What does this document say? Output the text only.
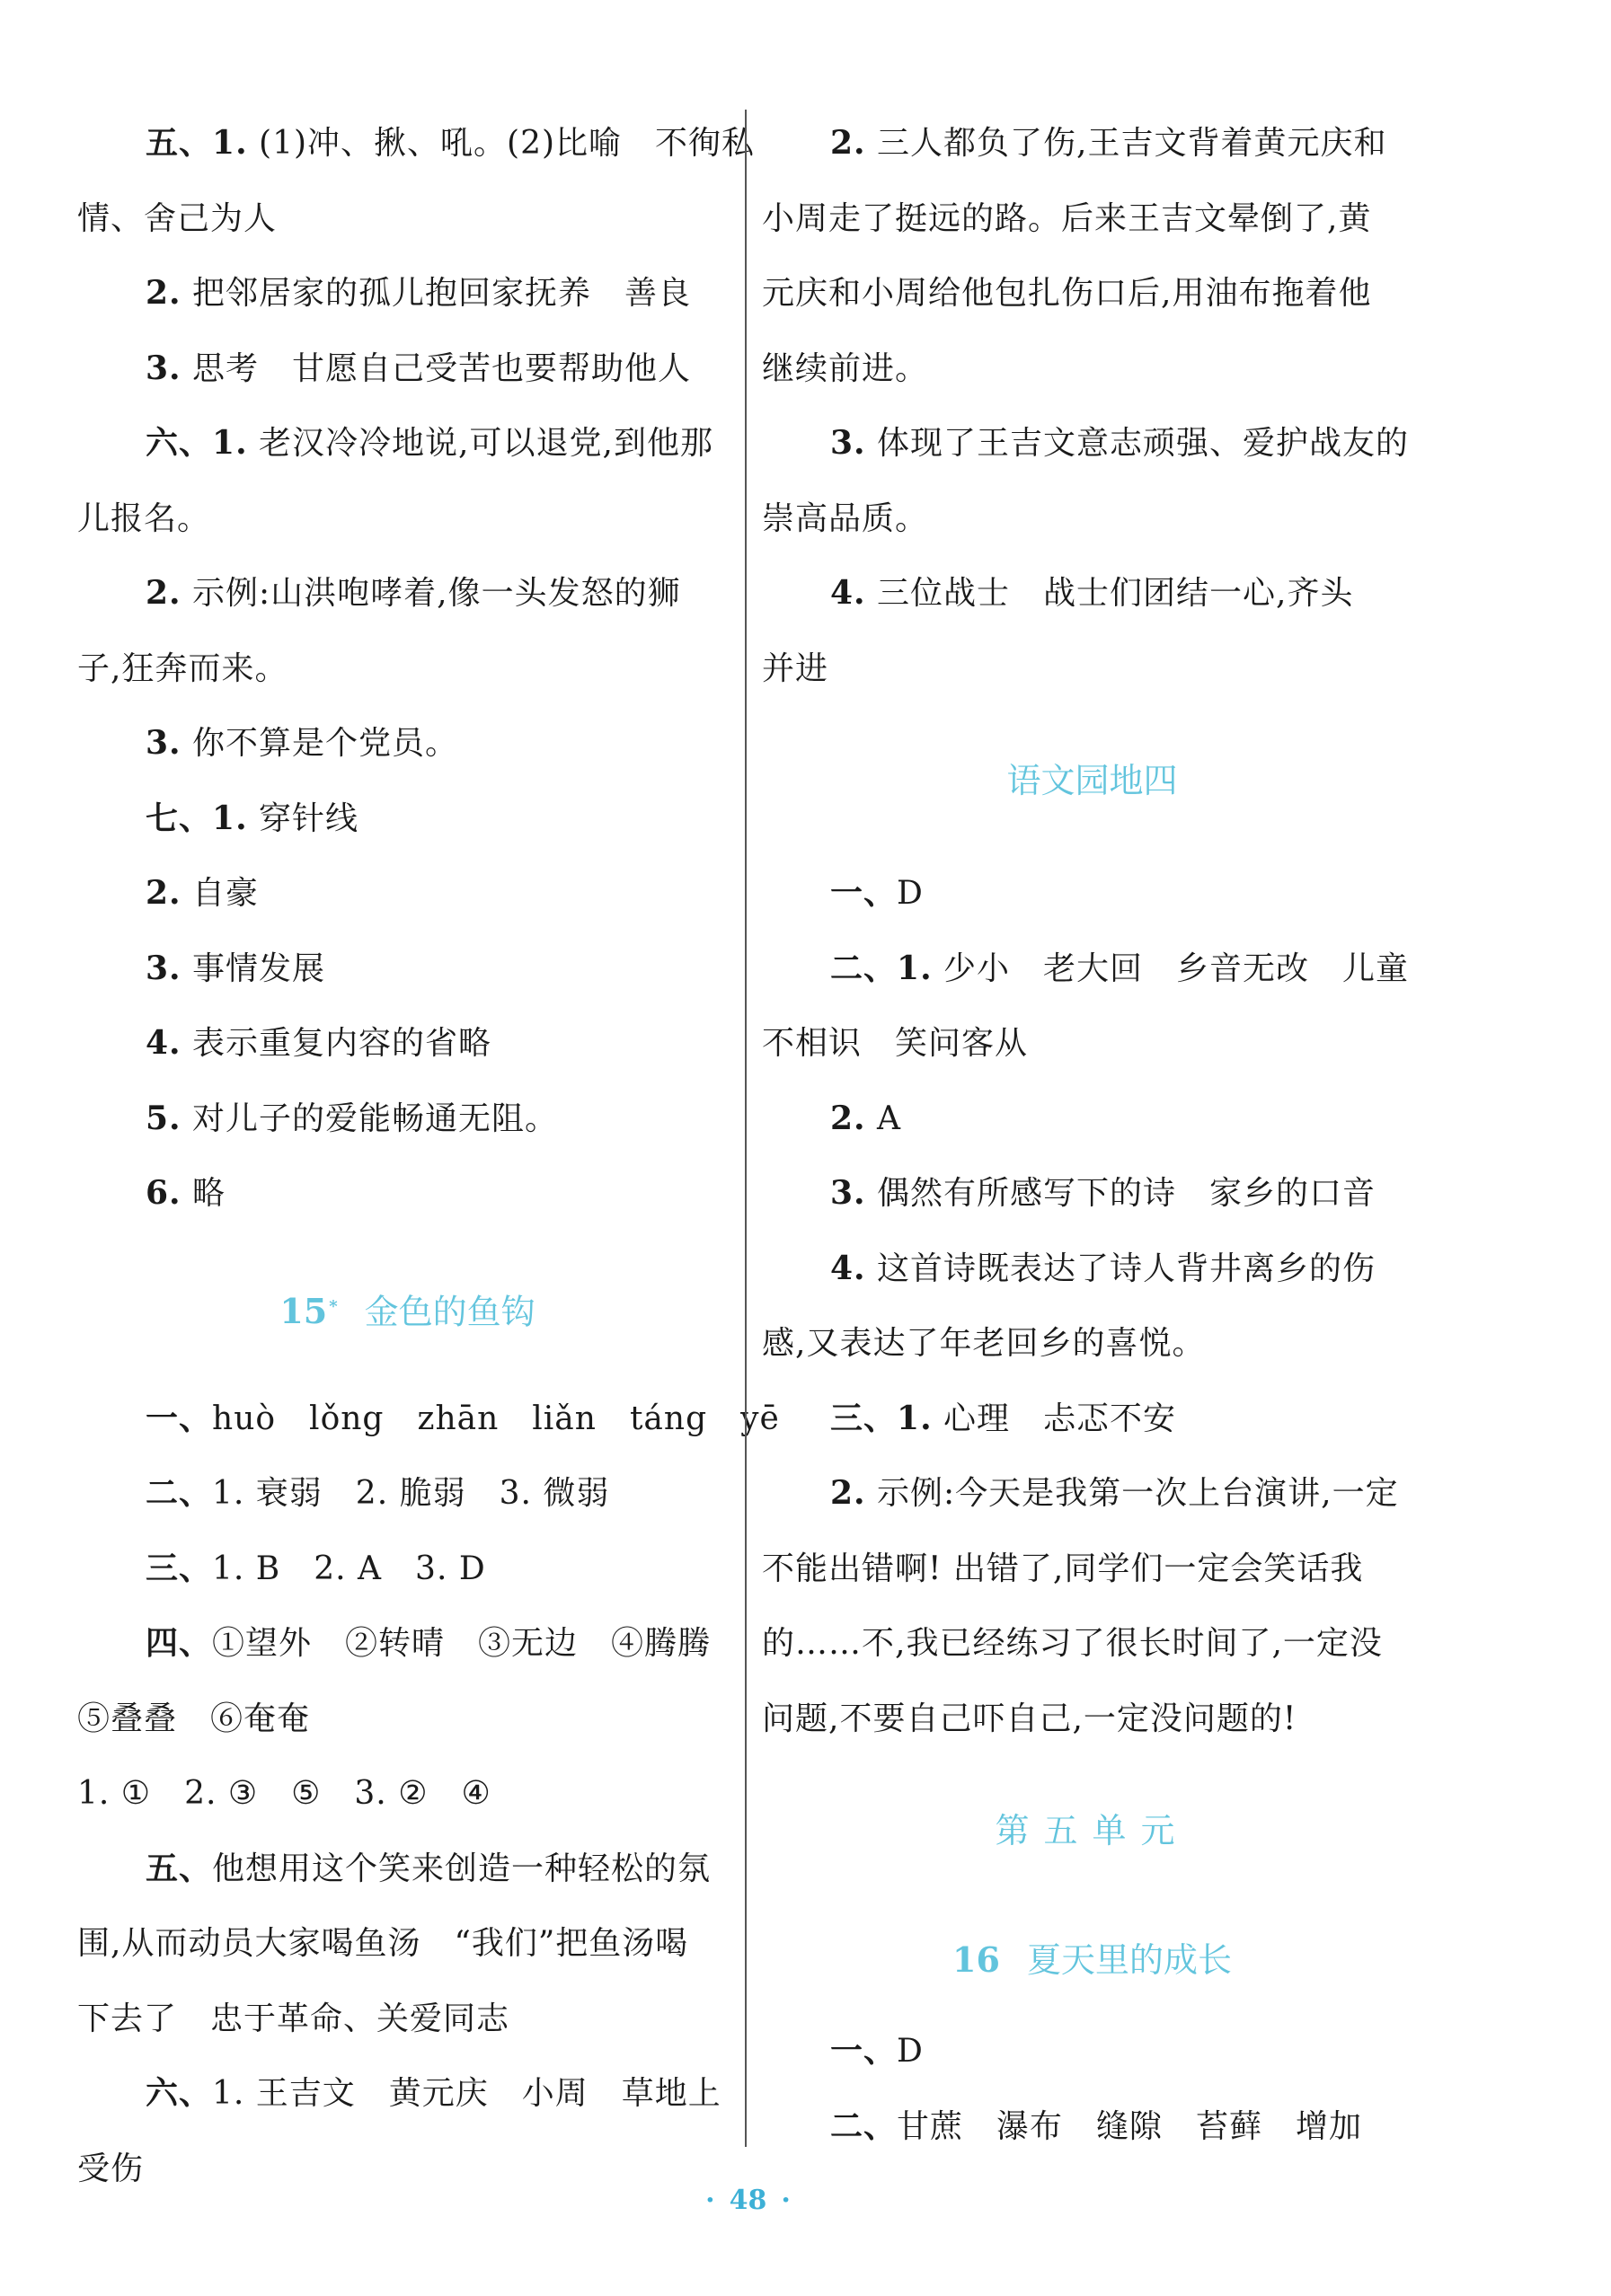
五、1. (1)冲、揪、吼。(2)比喻　不徇私
情、舍己为人
2. 把邻居家的孤儿抱回家抚养　善良
3. 思考　甘愿自己受苦也要帮助他人
六、1. 老汉冷冷地说,可以退党,到他那
儿报名。
2. 示例:山洪咆哮着,像一头发怒的狮
子,狂奔而来。
3. 你不算是个党员。
七、1. 穿针线
2. 自豪
3. 事情发展
4. 表示重复内容的省略
5. 对儿子的爱能畅通无阻。
6. 略
15 * 金色的鱼钩
一、huò　lǒng　zhān　liǎn　táng　yē
二、1. 衰弱　2. 脆弱　3. 微弱
三、1. B　2. A　3. D
四、①望外　②转晴　③无边　④腾腾
⑤叠叠　⑥奄奄
1. ①　2. ③　⑤　3. ②　④
五、他想用这个笑来创造一种轻松的氛
围,从而动员大家喝鱼汤　“我们”把鱼汤喝
下去了　忠于革命、关爱同志
六、1. 王吉文　黄元庆　小周　草地上
受伤
2. 三人都负了伤,王吉文背着黄元庆和
小周走了挺远的路。后来王吉文晕倒了,黄
元庆和小周给他包扎伤口后,用油布拖着他
继续前进。
3. 体现了王吉文意志顽强、爱护战友的
崇高品质。
4. 三位战士　战士们团结一心,齐头
并进
语文园地四
一、D
二、1. 少小　老大回　乡音无改　儿童
不相识　笑问客从
2. A
3. 偶然有所感写下的诗　家乡的口音
4. 这首诗既表达了诗人背井离乡的伤
感,又表达了年老回乡的喜悦。
三、1. 心理　忐忑不安
2. 示例:今天是我第一次上台演讲,一定
不能出错啊! 出错了,同学们一定会笑话我
的……不,我已经练习了很长时间了,一定没
问题,不要自己吓自己,一定没问题的!
第五单元
16 夏天里的成长
一、D
二、甘蔗　瀑布　缝隙　苔藓　增加
· 48 ·
